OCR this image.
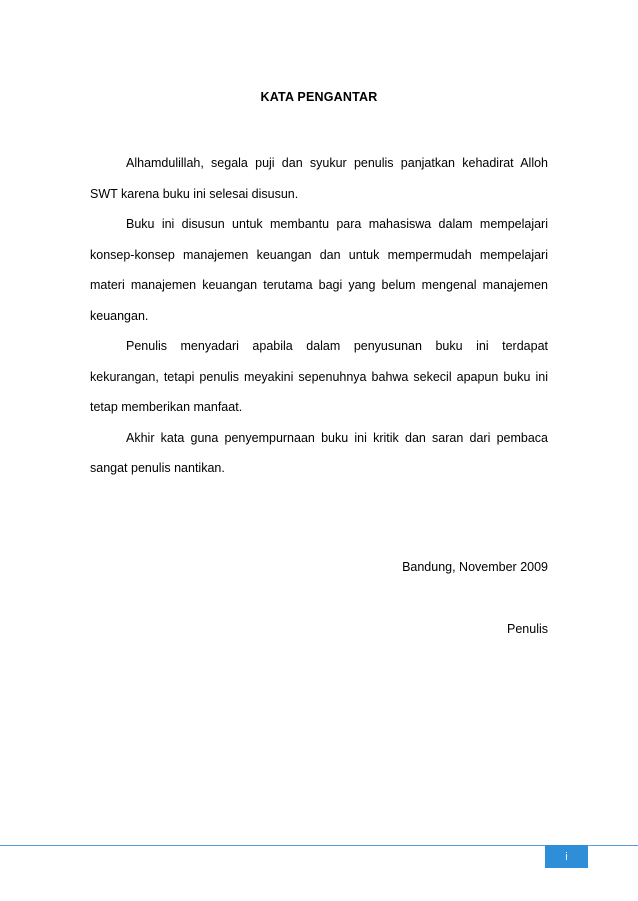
KATA PENGANTAR

Alhamdulillah, segala puji dan syukur penulis panjatkan kehadirat Alloh SWT karena buku ini selesai disusun.

Buku ini disusun untuk membantu para mahasiswa dalam mempelajari konsep-konsep manajemen keuangan dan untuk mempermudah mempelajari materi manajemen keuangan terutama bagi yang belum mengenal manajemen keuangan.

Penulis menyadari apabila dalam penyusunan buku ini terdapat kekurangan, tetapi penulis meyakini sepenuhnya bahwa sekecil apapun buku ini tetap memberikan manfaat.

Akhir kata guna penyempurnaan buku ini kritik dan saran dari pembaca sangat penulis nantikan.

Bandung, November 2009
Penulis
i
